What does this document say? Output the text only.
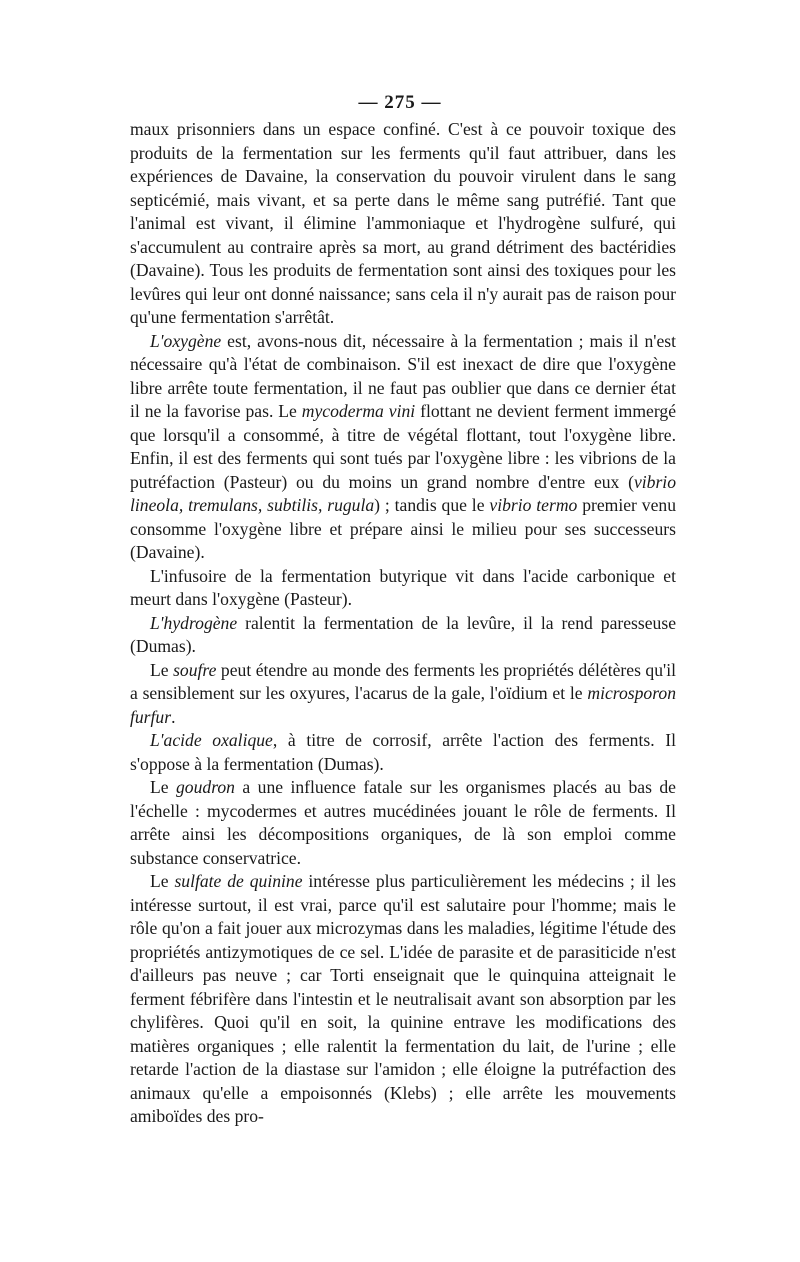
— 275 —

maux prisonniers dans un espace confiné. C'est à ce pouvoir toxique des produits de la fermentation sur les ferments qu'il faut attribuer, dans les expériences de Davaine, la conservation du pouvoir virulent dans le sang septicémié, mais vivant, et sa perte dans le même sang putréfié. Tant que l'animal est vivant, il élimine l'ammoniaque et l'hydrogène sulfuré, qui s'accumulent au contraire après sa mort, au grand détriment des bactéridies (Davaine). Tous les produits de fermentation sont ainsi des toxiques pour les levûres qui leur ont donné naissance; sans cela il n'y aurait pas de raison pour qu'une fermentation s'arrêtât.

L'oxygène est, avons-nous dit, nécessaire à la fermentation ; mais il n'est nécessaire qu'à l'état de combinaison. S'il est inexact de dire que l'oxygène libre arrête toute fermentation, il ne faut pas oublier que dans ce dernier état il ne la favorise pas. Le mycoderma vini flottant ne devient ferment immergé que lorsqu'il a consommé, à titre de végétal flottant, tout l'oxygène libre. Enfin, il est des ferments qui sont tués par l'oxygène libre : les vibrions de la putréfaction (Pasteur) ou du moins un grand nombre d'entre eux (vibrio lineola, tremulans, subtilis, rugula) ; tandis que le vibrio termo premier venu consomme l'oxygène libre et prépare ainsi le milieu pour ses successeurs (Davaine).

L'infusoire de la fermentation butyrique vit dans l'acide carbonique et meurt dans l'oxygène (Pasteur).

L'hydrogène ralentit la fermentation de la levûre, il la rend paresseuse (Dumas).

Le soufre peut étendre au monde des ferments les propriétés délétères qu'il a sensiblement sur les oxyures, l'acarus de la gale, l'oïdium et le microsporon furfur.

L'acide oxalique, à titre de corrosif, arrête l'action des ferments. Il s'oppose à la fermentation (Dumas).

Le goudron a une influence fatale sur les organismes placés au bas de l'échelle : mycodermes et autres mucédinées jouant le rôle de ferments. Il arrête ainsi les décompositions organiques, de là son emploi comme substance conservatrice.

Le sulfate de quinine intéresse plus particulièrement les médecins ; il les intéresse surtout, il est vrai, parce qu'il est salutaire pour l'homme; mais le rôle qu'on a fait jouer aux microzymas dans les maladies, légitime l'étude des propriétés antizymotiques de ce sel. L'idée de parasite et de parasiticide n'est d'ailleurs pas neuve ; car Torti enseignait que le quinquina atteignait le ferment fébrifère dans l'intestin et le neutralisait avant son absorption par les chylifères. Quoi qu'il en soit, la quinine entrave les modifications des matières organiques ; elle ralentit la fermentation du lait, de l'urine ; elle retarde l'action de la diastase sur l'amidon ; elle éloigne la putréfaction des animaux qu'elle a empoisonnés (Klebs) ; elle arrête les mouvements amiboïdes des pro-
